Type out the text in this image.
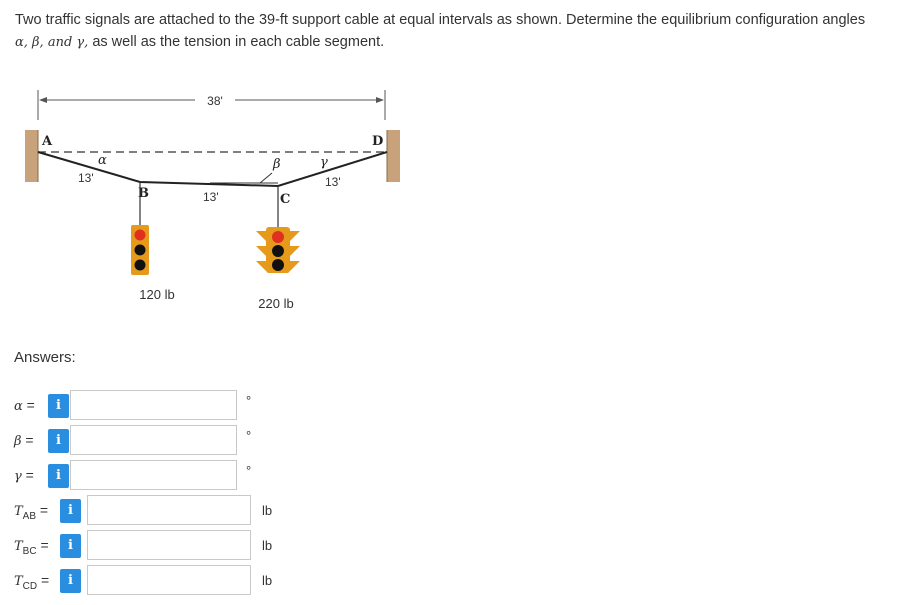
Two traffic signals are attached to the 39-ft support cable at equal intervals as shown. Determine the equilibrium configuration angles
α, β, and γ, as well as the tension in each cable segment.
38'
A
B	C
D
α	β	γ
13'
13'
13'
120 lb
220 lb
Answers:
α =	i	°
β =	i	°
γ =	i	°
$T_{AB}$ =	i	lb
$T_{BC}$ =	i	lb
$T_{CD}$ =	i	lb
